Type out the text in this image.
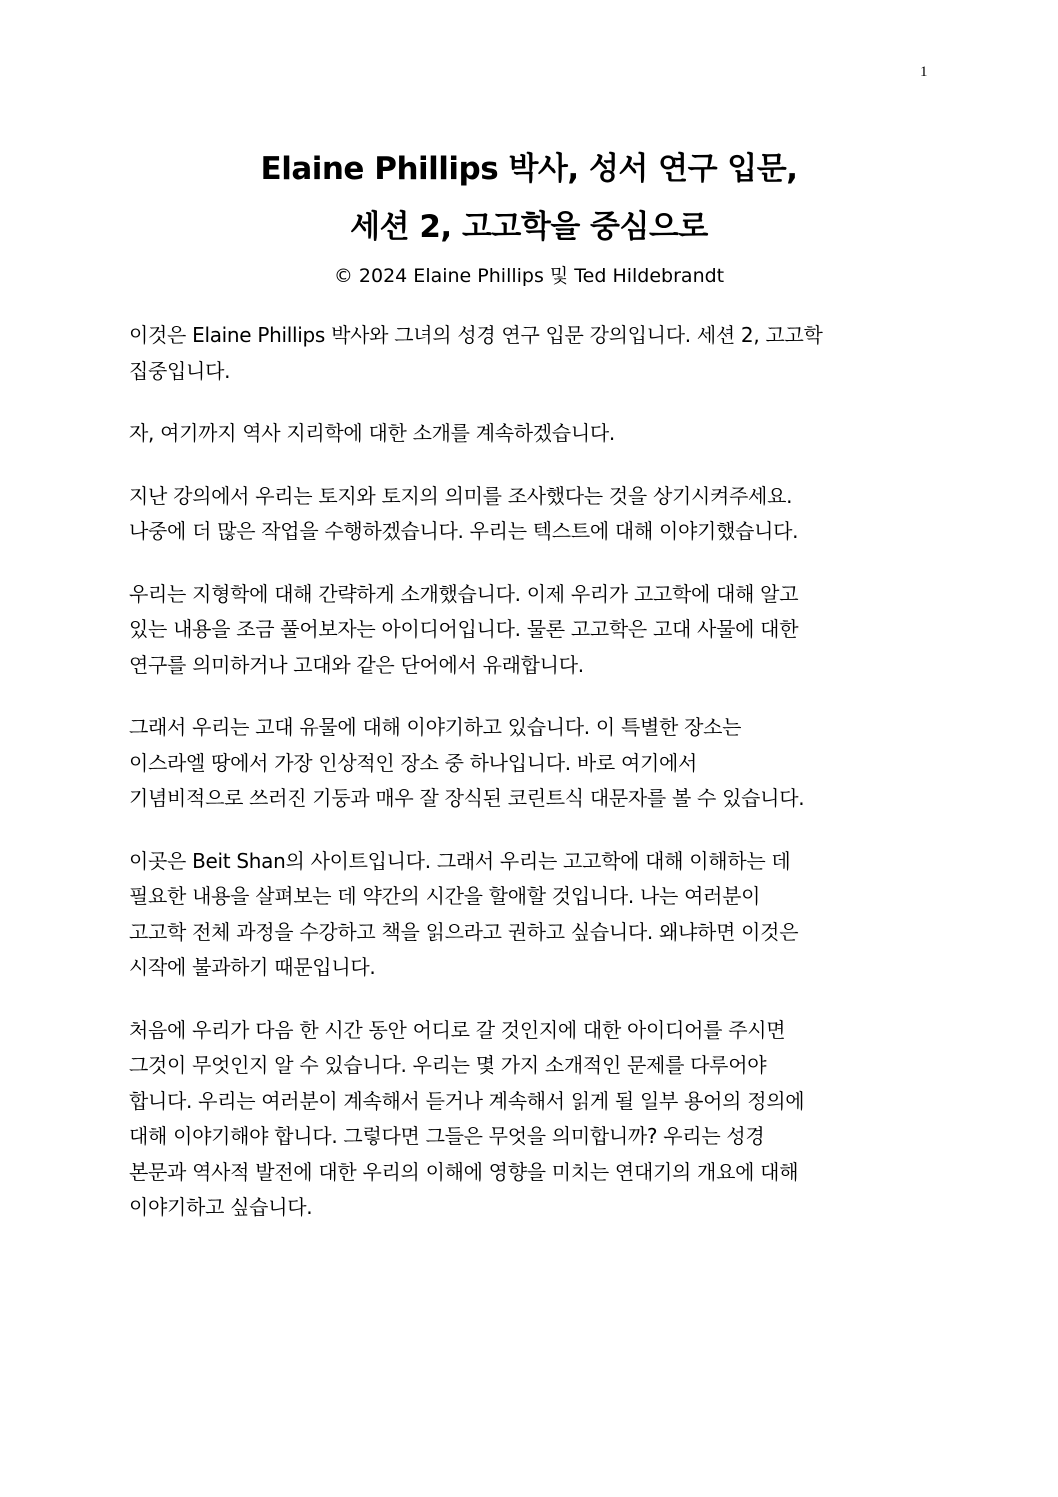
1
Elaine Phillips 박사, 성서 연구 입문,
세션 2, 고고학을 중심으로
© 2024 Elaine Phillips 및 Ted Hildebrandt

이것은 Elaine Phillips 박사와 그녀의 성경 연구 입문 강의입니다. 세션 2, 고고학
집중입니다.

자, 여기까지 역사 지리학에 대한 소개를 계속하겠습니다.

지난 강의에서 우리는 토지와 토지의 의미를 조사했다는 것을 상기시켜주세요.
나중에 더 많은 작업을 수행하겠습니다. 우리는 텍스트에 대해 이야기했습니다.

우리는 지형학에 대해 간략하게 소개했습니다. 이제 우리가 고고학에 대해 알고
있는 내용을 조금 풀어보자는 아이디어입니다. 물론 고고학은 고대 사물에 대한
연구를 의미하거나 고대와 같은 단어에서 유래합니다.

그래서 우리는 고대 유물에 대해 이야기하고 있습니다. 이 특별한 장소는
이스라엘 땅에서 가장 인상적인 장소 중 하나입니다. 바로 여기에서
기념비적으로 쓰러진 기둥과 매우 잘 장식된 코린트식 대문자를 볼 수 있습니다.

이곳은 Beit Shan의 사이트입니다. 그래서 우리는 고고학에 대해 이해하는 데
필요한 내용을 살펴보는 데 약간의 시간을 할애할 것입니다. 나는 여러분이
고고학 전체 과정을 수강하고 책을 읽으라고 권하고 싶습니다. 왜냐하면 이것은
시작에 불과하기 때문입니다.

처음에 우리가 다음 한 시간 동안 어디로 갈 것인지에 대한 아이디어를 주시면
그것이 무엇인지 알 수 있습니다. 우리는 몇 가지 소개적인 문제를 다루어야
합니다. 우리는 여러분이 계속해서 듣거나 계속해서 읽게 될 일부 용어의 정의에
대해 이야기해야 합니다. 그렇다면 그들은 무엇을 의미합니까? 우리는 성경
본문과 역사적 발전에 대한 우리의 이해에 영향을 미치는 연대기의 개요에 대해
이야기하고 싶습니다.
